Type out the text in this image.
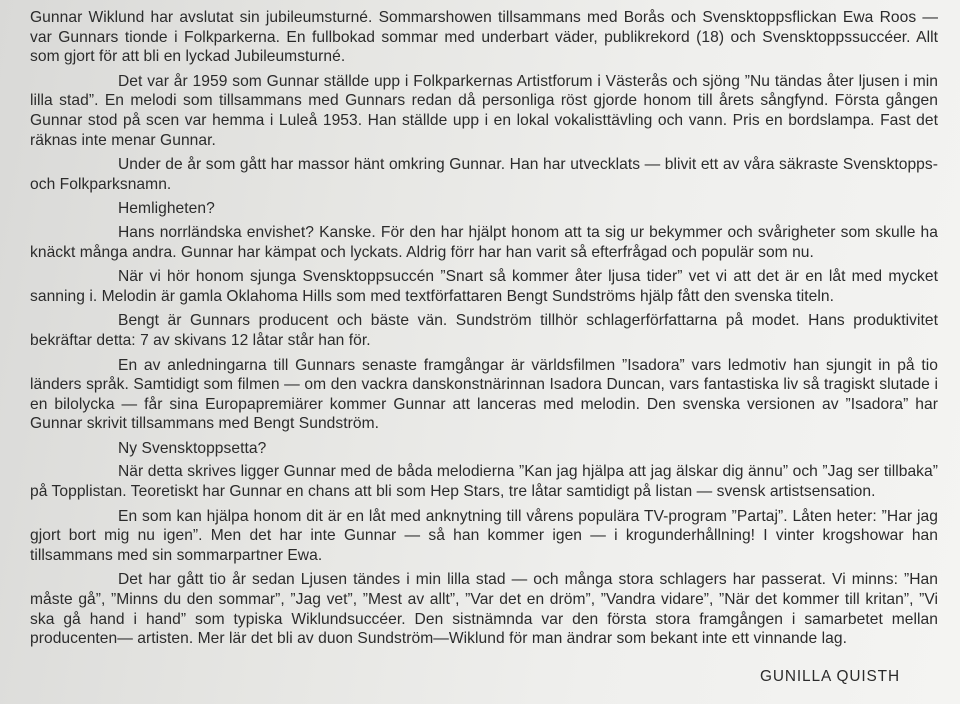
Gunnar Wiklund har avslutat sin jubileumsturné. Sommarshowen tillsammans med Borås och Svensktoppsflickan Ewa Roos — var Gunnars tionde i Folkparkerna. En fullbokad sommar med underbart väder, publikrekord (18) och Svensktoppssuccéer. Allt som gjort för att bli en lyckad Jubileumsturné.

Det var år 1959 som Gunnar ställde upp i Folkparkernas Artistforum i Västerås och sjöng ”Nu tändas åter ljusen i min lilla stad”. En melodi som tillsammans med Gunnars redan då personliga röst gjorde honom till årets sångfynd. Första gången Gunnar stod på scen var hemma i Luleå 1953. Han ställde upp i en lokal vokalisttävling och vann. Pris en bordslampa. Fast det räknas inte menar Gunnar.

Under de år som gått har massor hänt omkring Gunnar. Han har utvecklats — blivit ett av våra säkraste Svensktopps- och Folkparksnamn.

Hemligheten?

Hans norrländska envishet? Kanske. För den har hjälpt honom att ta sig ur bekymmer och svårigheter som skulle ha knäckt många andra. Gunnar har kämpat och lyckats. Aldrig förr har han varit så efterfrågad och populär som nu.

När vi hör honom sjunga Svensktoppsuccén ”Snart så kommer åter ljusa tider” vet vi att det är en låt med mycket sanning i. Melodin är gamla Oklahoma Hills som med textförfattaren Bengt Sundströms hjälp fått den svenska titeln.

Bengt är Gunnars producent och bäste vän. Sundström tillhör schlagerförfattarna på modet. Hans produktivitet bekräftar detta: 7 av skivans 12 låtar står han för.

En av anledningarna till Gunnars senaste framgångar är världsfilmen ”Isadora” vars ledmotiv han sjungit in på tio länders språk. Samtidigt som filmen — om den vackra danskonstnärinnan Isadora Duncan, vars fantastiska liv så tragiskt slutade i en bilolycka — får sina Europapremiärer kommer Gunnar att lanceras med melodin. Den svenska versionen av ”Isadora” har Gunnar skrivit tillsammans med Bengt Sundström.

Ny Svensktoppsetta?

När detta skrives ligger Gunnar med de båda melodierna ”Kan jag hjälpa att jag älskar dig ännu” och ”Jag ser tillbaka” på Topplistan. Teoretiskt har Gunnar en chans att bli som Hep Stars, tre låtar samtidigt på listan — svensk artistsensation.

En som kan hjälpa honom dit är en låt med anknytning till vårens populära TV-program ”Partaj”. Låten heter: ”Har jag gjort bort mig nu igen”. Men det har inte Gunnar — så han kommer igen — i krogunderhållning! I vinter krogshowar han tillsammans med sin sommarpartner Ewa.

Det har gått tio år sedan Ljusen tändes i min lilla stad — och många stora schlagers har passerat. Vi minns: ”Han måste gå”, ”Minns du den sommar”, ”Jag vet”, ”Mest av allt”, ”Var det en dröm”, ”Vandra vidare”, ”När det kommer till kritan”, ”Vi ska gå hand i hand” som typiska Wiklundsuccéer. Den sistnämnda var den första stora framgången i samarbetet mellan producenten— artisten. Mer lär det bli av duon Sundström—Wiklund för man ändrar som bekant inte ett vinnande lag.

GUNILLA QUISTH
